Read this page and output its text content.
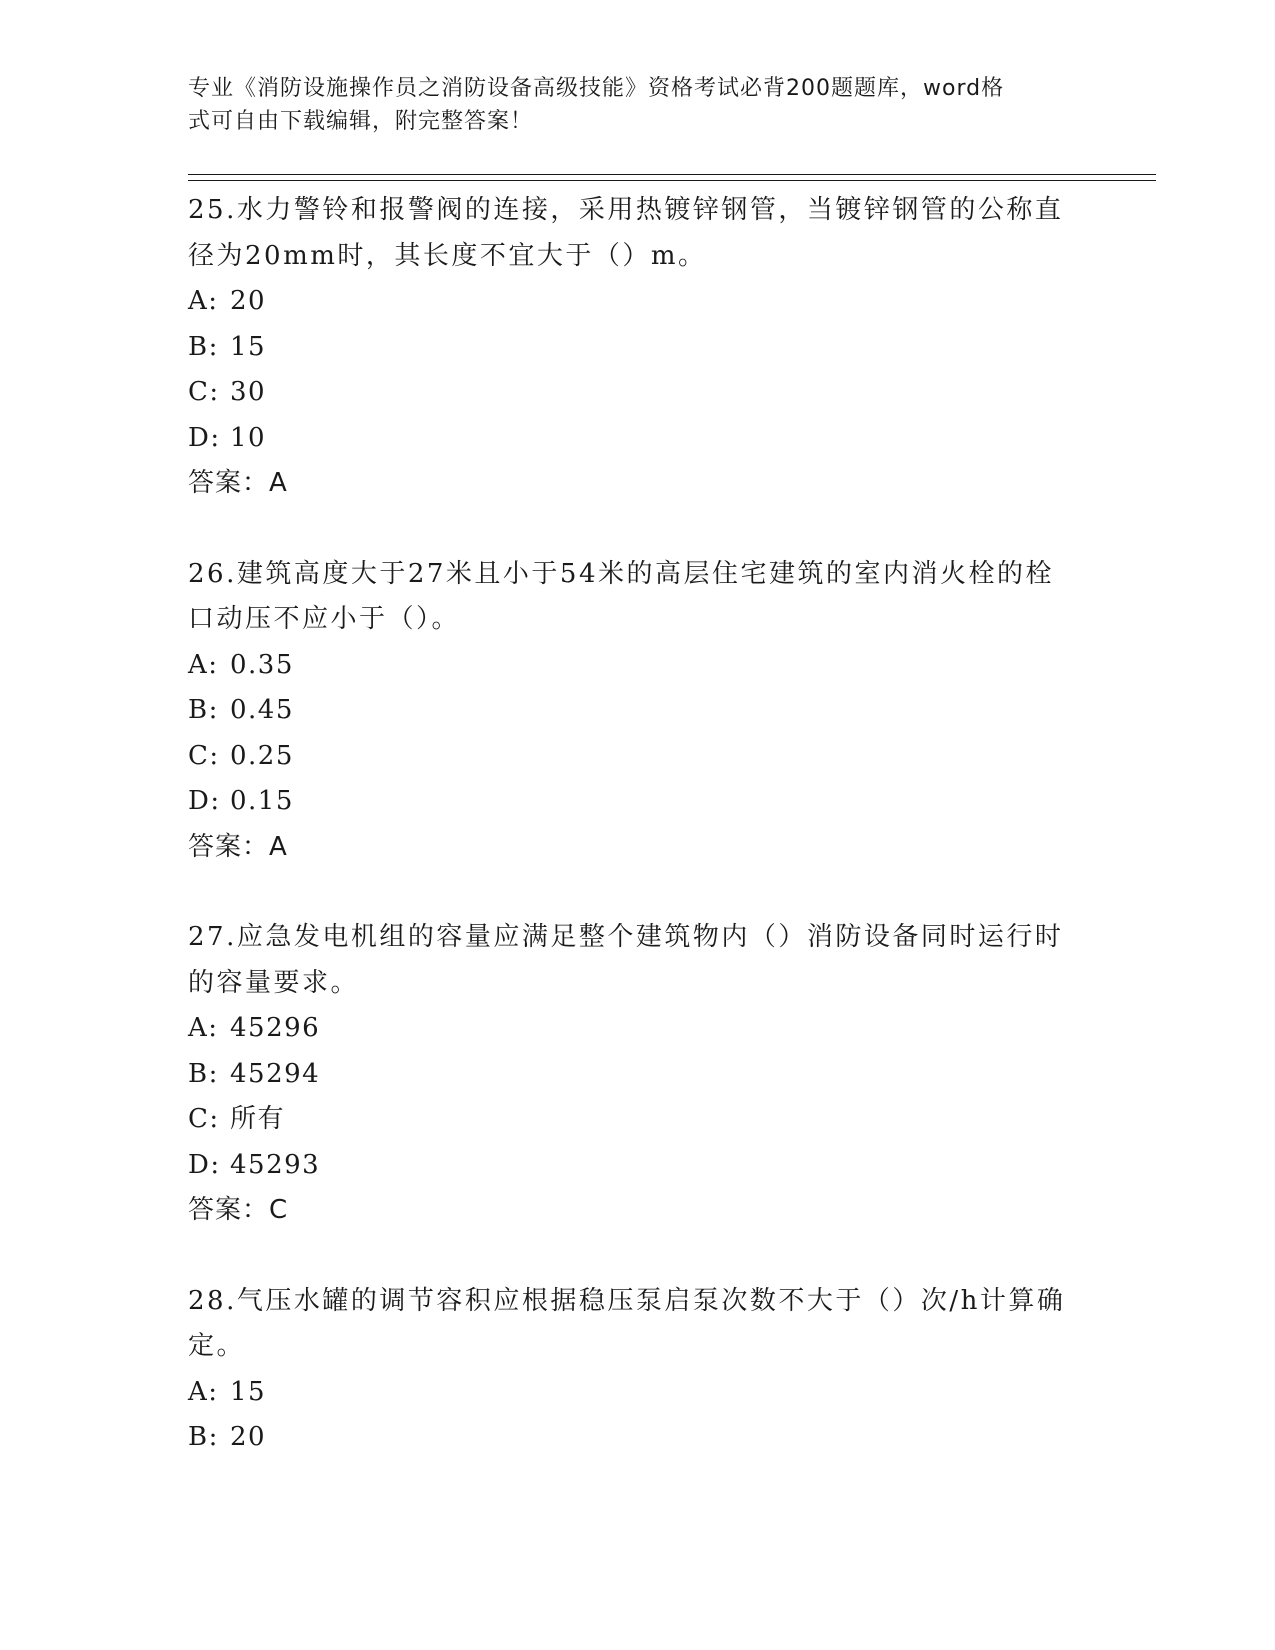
专业《消防设施操作员之消防设备高级技能》资格考试必背200题题库，word格
式可自由下载编辑，附完整答案！

25.水力警铃和报警阀的连接，采用热镀锌钢管，当镀锌钢管的公称直

径为20mm时，其长度不宜大于（）m。

A: 20

B: 15

C: 30

D: 10

答案：A

26.建筑高度大于27米且小于54米的高层住宅建筑的室内消火栓的栓

口动压不应小于（）。

A: 0.35

B: 0.45

C: 0.25

D: 0.15

答案：A

27.应急发电机组的容量应满足整个建筑物内（）消防设备同时运行时

的容量要求。

A: 45296

B: 45294

C: 所有

D: 45293

答案：C

28.气压水罐的调节容积应根据稳压泵启泵次数不大于（）次/h计算确

定。

A: 15

B: 20
